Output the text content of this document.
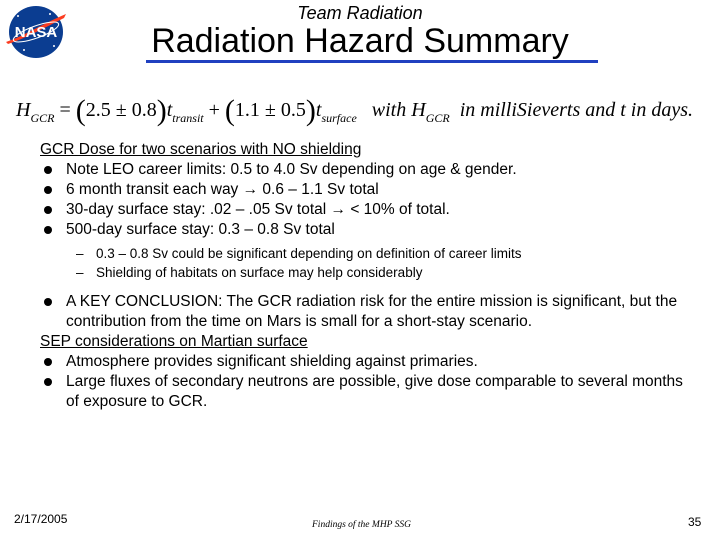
NASA
Team Radiation
Radiation Hazard Summary
$H_{GCR} = (2.5 \pm 0.8)t_{transit} + (1.1 \pm 0.5)t_{surface}$ with $H_{GCR}$ in milliSieverts and t in days.

GCR Dose for two scenarios with NO shielding

Note LEO career limits: 0.5 to 4.0 Sv depending on age & gender.

6 month transit each way → 0.6 – 1.1 Sv total

30-day surface stay: .02 – .05 Sv total → < 10% of total.

500-day surface stay: 0.3 – 0.8 Sv total

– 0.3 – 0.8 Sv could be significant depending on definition of career limits

– Shielding of habitats on surface may help considerably

A KEY CONCLUSION: The GCR radiation risk for the entire mission is significant, but the contribution from the time on Mars is small for a short-stay scenario.

SEP considerations on Martian surface

Atmosphere provides significant shielding against primaries.

Large fluxes of secondary neutrons are possible, give dose comparable to several months of exposure to GCR.

2/17/2005	Findings of the MHP SSG	35
